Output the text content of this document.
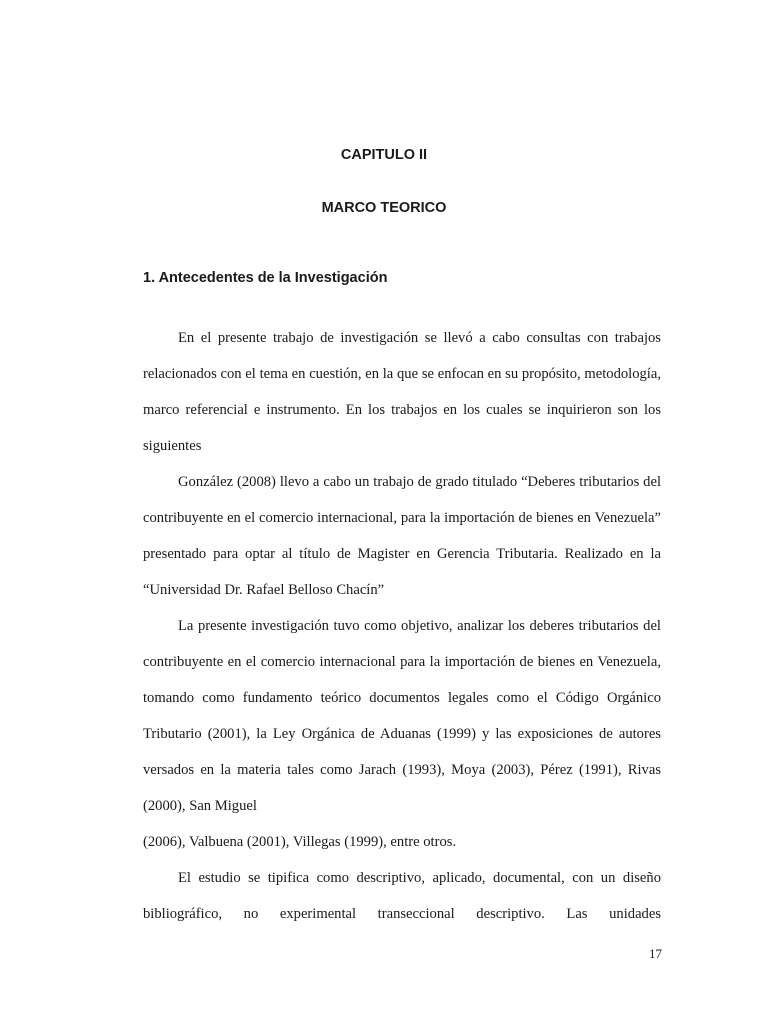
CAPITULO II
MARCO TEORICO
1. Antecedentes de la Investigación

En el presente trabajo de investigación se llevó a cabo consultas con trabajos relacionados con el tema en cuestión, en la que se enfocan en su propósito, metodología, marco referencial e instrumento. En los trabajos en los cuales se inquirieron son los siguientes

González (2008) llevo a cabo un trabajo de grado titulado “Deberes tributarios del contribuyente en el comercio internacional, para la importación de bienes en Venezuela” presentado para optar al título de Magister en Gerencia Tributaria. Realizado en la “Universidad Dr. Rafael Belloso Chacín”

La presente investigación tuvo como objetivo, analizar los deberes tributarios del contribuyente en el comercio internacional para la importación de bienes en Venezuela, tomando como fundamento teórico documentos legales como el Código Orgánico Tributario (2001), la Ley Orgánica de Aduanas (1999) y las exposiciones de autores versados en la materia tales como Jarach (1993), Moya (2003), Pérez (1991), Rivas (2000), San Miguel

(2006), Valbuena (2001), Villegas (1999), entre otros.

El estudio se tipifica como descriptivo, aplicado, documental, con un diseño bibliográfico, no experimental transeccional descriptivo. Las unidades

17
